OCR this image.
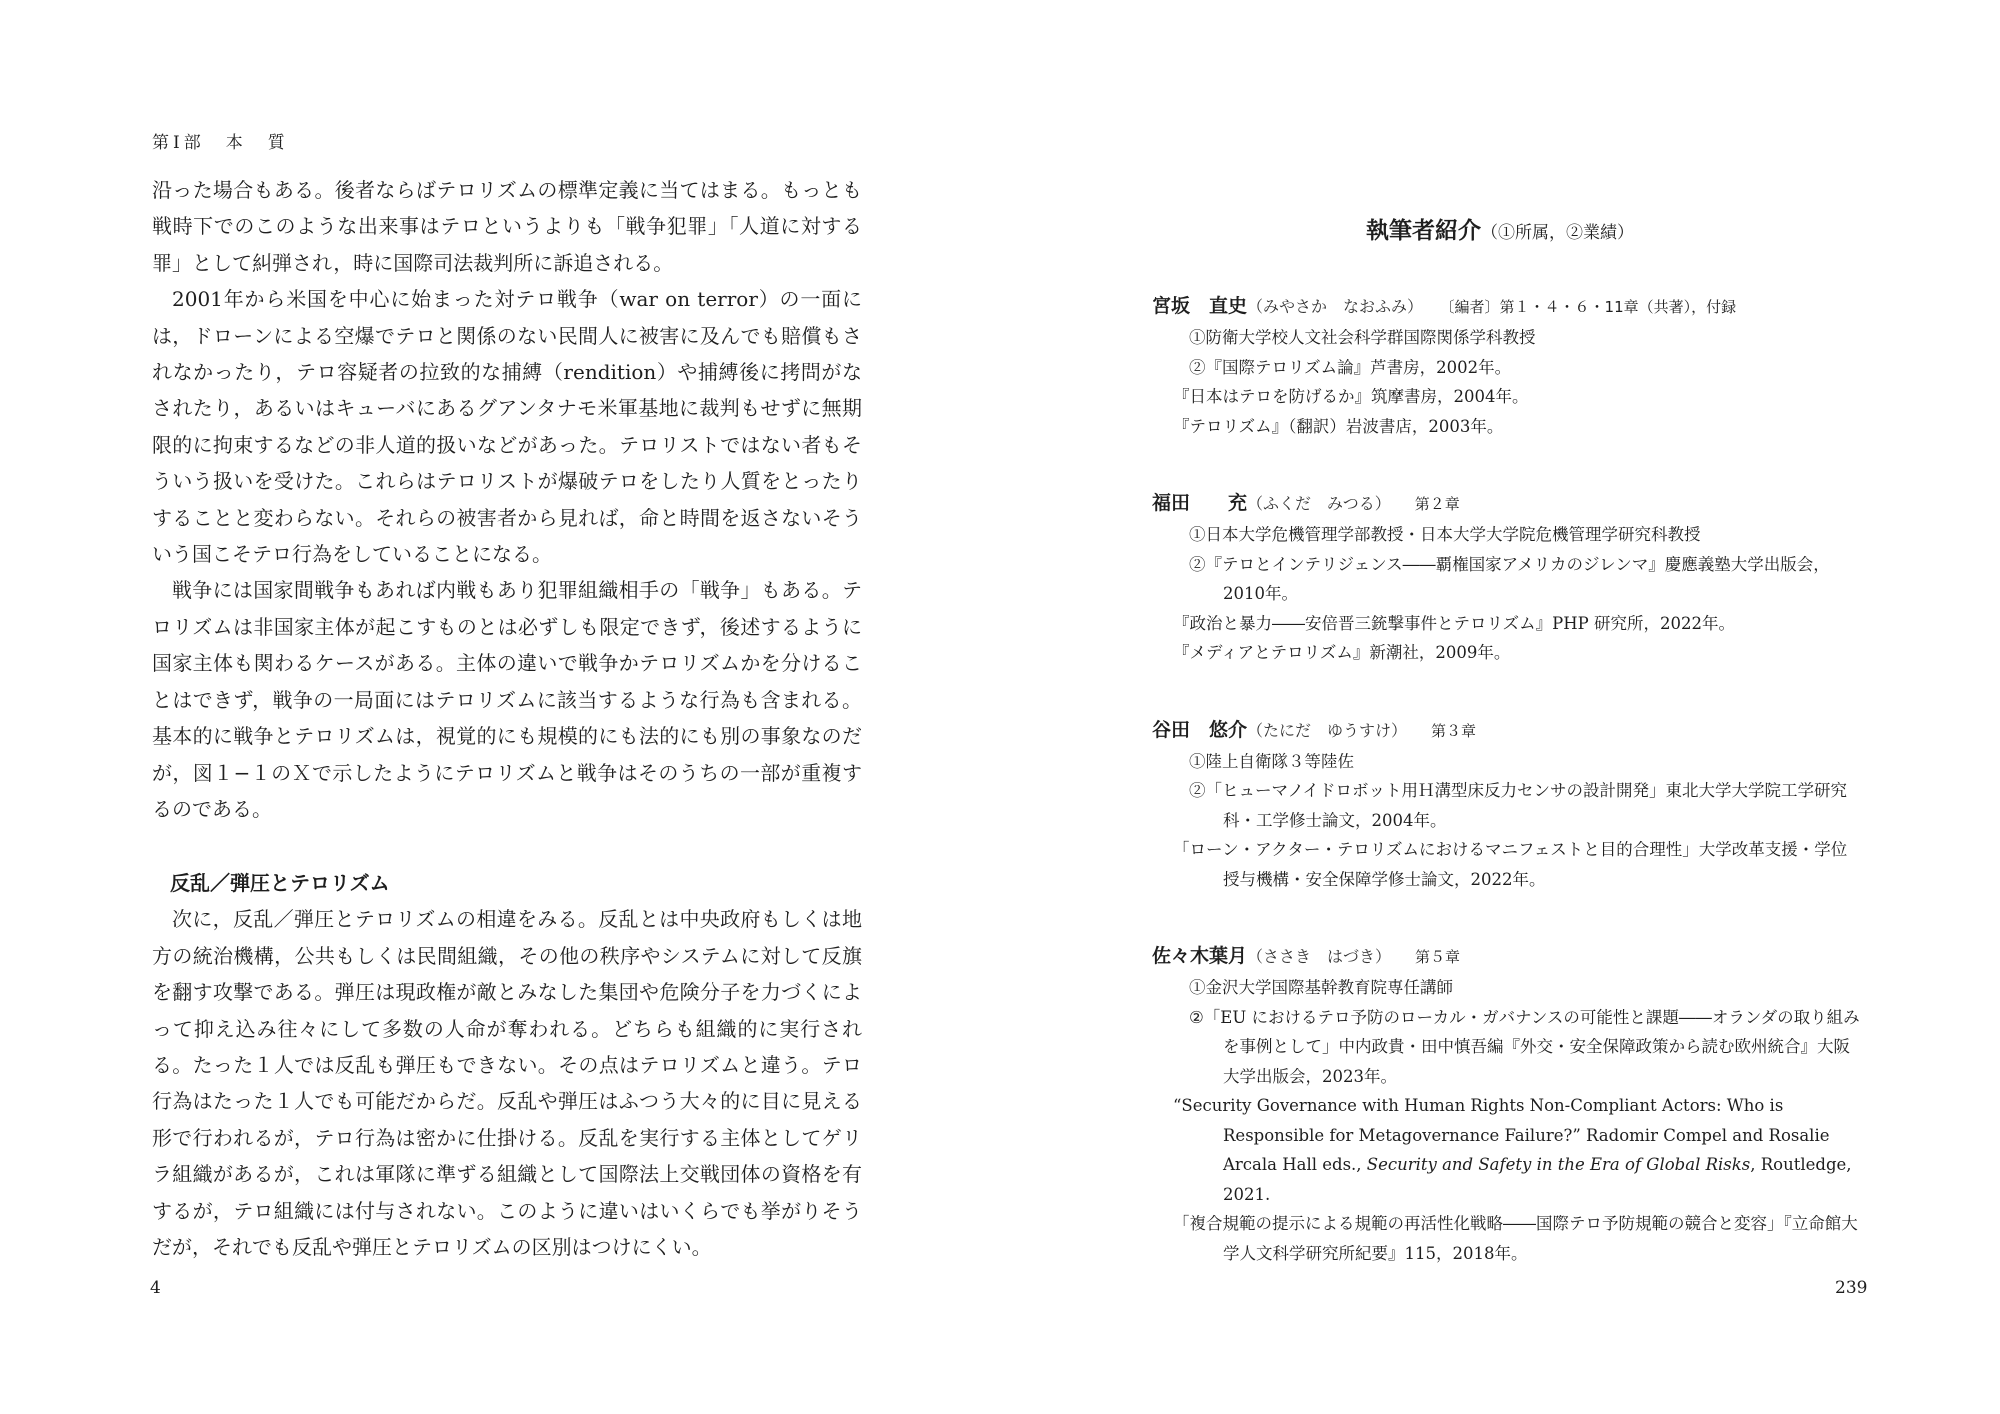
第Ⅰ部　本　質

沿った場合もある。後者ならばテロリズムの標準定義に当てはまる。もっとも戦時下でのこのような出来事はテロというよりも「戦争犯罪」「人道に対する罪」として糾弾され，時に国際司法裁判所に訴追される。

2001年から米国を中心に始まった対テロ戦争（war on terror）の一面には，ドローンによる空爆でテロと関係のない民間人に被害に及んでも賠償もされなかったり，テロ容疑者の拉致的な捕縛（rendition）や捕縛後に拷問がなされたり，あるいはキューバにあるグアンタナモ米軍基地に裁判もせずに無期限的に拘束するなどの非人道的扱いなどがあった。テロリストではない者もそういう扱いを受けた。これらはテロリストが爆破テロをしたり人質をとったりすることと変わらない。それらの被害者から見れば，命と時間を返さないそういう国こそテロ行為をしていることになる。

戦争には国家間戦争もあれば内戦もあり犯罪組織相手の「戦争」もある。テロリズムは非国家主体が起こすものとは必ずしも限定できず，後述するように国家主体も関わるケースがある。主体の違いで戦争かテロリズムかを分けることはできず，戦争の一局面にはテロリズムに該当するような行為も含まれる。基本的に戦争とテロリズムは，視覚的にも規模的にも法的にも別の事象なのだが，図１−１のＸで示したようにテロリズムと戦争はそのうちの一部が重複するのである。

反乱／弾圧とテロリズム

次に，反乱／弾圧とテロリズムの相違をみる。反乱とは中央政府もしくは地方の統治機構，公共もしくは民間組織，その他の秩序やシステムに対して反旗を翻す攻撃である。弾圧は現政権が敵とみなした集団や危険分子を力づくによって抑え込み往々にして多数の人命が奪われる。どちらも組織的に実行される。たった１人では反乱も弾圧もできない。その点はテロリズムと違う。テロ行為はたった１人でも可能だからだ。反乱や弾圧はふつう大々的に目に見える形で行われるが，テロ行為は密かに仕掛ける。反乱を実行する主体としてゲリラ組織があるが，これは軍隊に準ずる組織として国際法上交戦団体の資格を有するが，テロ組織には付与されない。このように違いはいくらでも挙がりそうだが，それでも反乱や弾圧とテロリズムの区別はつけにくい。

4
執筆者紹介（①所属，②業績）
宮坂　直史（みやさか　なおふみ） 〔編者〕第１・４・６・11章（共著），付録
①防衛大学校人文社会科学群国際関係学科教授
②『国際テロリズム論』芦書房，2002年。
『日本はテロを防げるか』筑摩書房，2004年。
『テロリズム』（翻訳）岩波書店，2003年。
福田　　充（ふくだ　みつる） 第２章
①日本大学危機管理学部教授・日本大学大学院危機管理学研究科教授
②『テロとインテリジェンス――覇権国家アメリカのジレンマ』慶應義塾大学出版会，2010年。
『政治と暴力――安倍晋三銃撃事件とテロリズム』PHP 研究所，2022年。
『メディアとテロリズム』新潮社，2009年。
谷田　悠介（たにだ　ゆうすけ） 第３章
①陸上自衛隊３等陸佐
②「ヒューマノイドロボット用Ｈ溝型床反力センサの設計開発」東北大学大学院工学研究科・工学修士論文，2004年。
「ローン・アクター・テロリズムにおけるマニフェストと目的合理性」大学改革支援・学位授与機構・安全保障学修士論文，2022年。
佐々木葉月（ささき　はづき） 第５章
①金沢大学国際基幹教育院専任講師
②「EU におけるテロ予防のローカル・ガバナンスの可能性と課題――オランダの取り組みを事例として」中内政貴・田中慎吾編『外交・安全保障政策から読む欧州統合』大阪大学出版会，2023年。
“Security Governance with Human Rights Non-Compliant Actors: Who is Responsible for Metagovernance Failure?” Radomir Compel and Rosalie Arcala Hall eds., Security and Safety in the Era of Global Risks, Routledge, 2021.
「複合規範の提示による規範の再活性化戦略――国際テロ予防規範の競合と変容」『立命館大学人文科学研究所紀要』115，2018年。
239
